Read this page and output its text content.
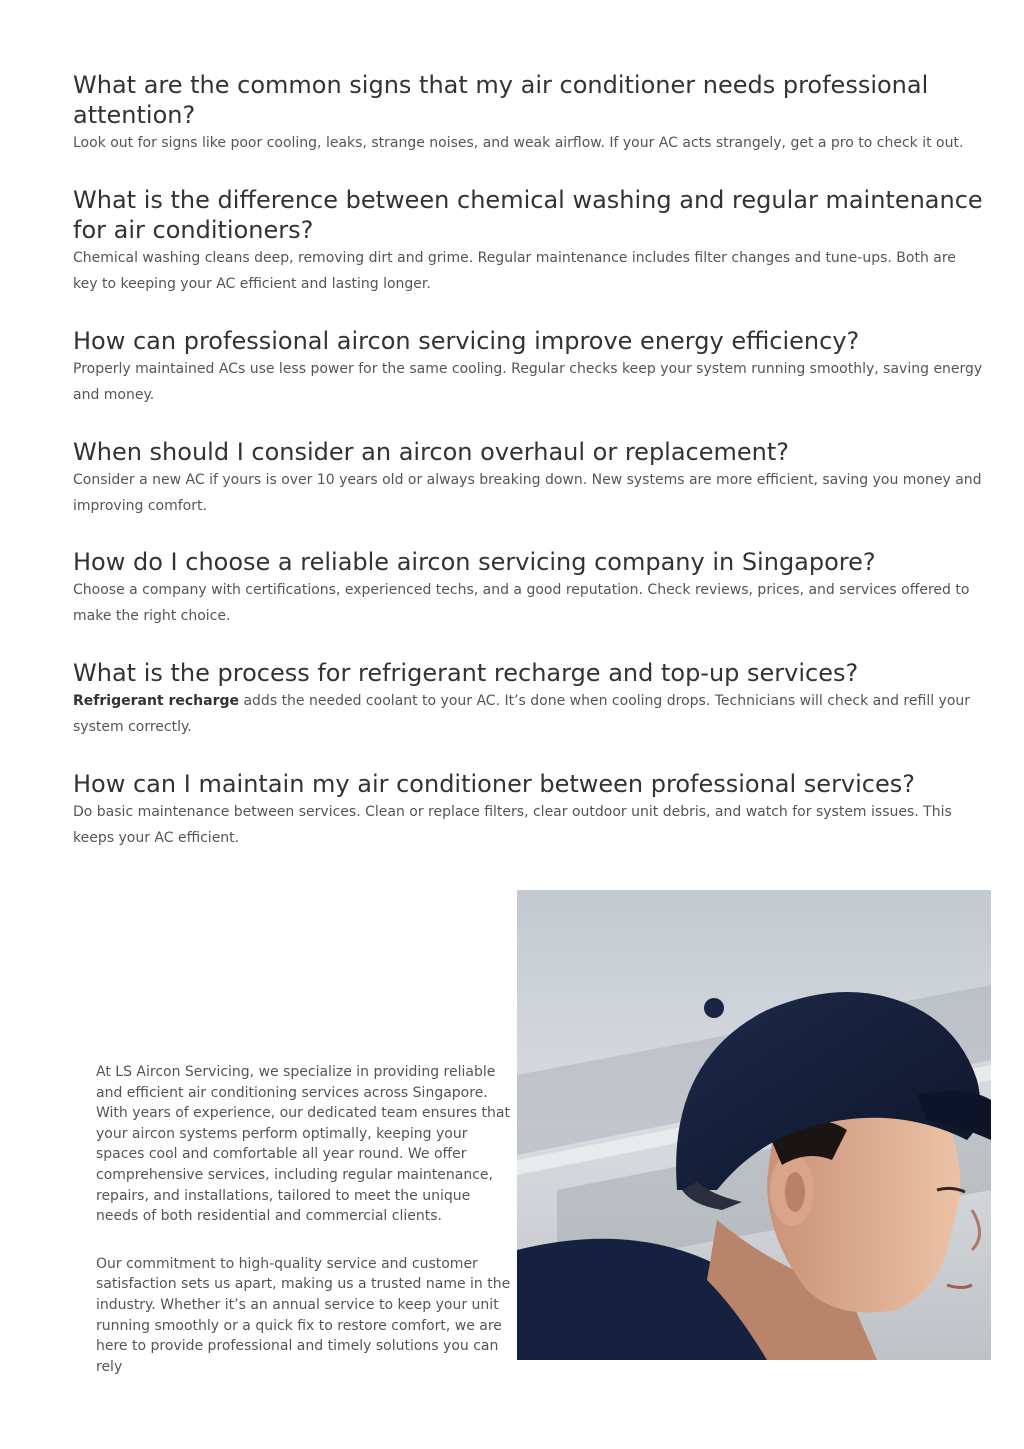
What are the common signs that my air conditioner needs professional attention?

Look out for signs like poor cooling, leaks, strange noises, and weak airflow. If your AC acts strangely, get a pro to check it out.

What is the difference between chemical washing and regular maintenance for air conditioners?

Chemical washing cleans deep, removing dirt and grime. Regular maintenance includes filter changes and tune-ups. Both are key to keeping your AC efficient and lasting longer.

How can professional aircon servicing improve energy efficiency?

Properly maintained ACs use less power for the same cooling. Regular checks keep your system running smoothly, saving energy and money.

When should I consider an aircon overhaul or replacement?

Consider a new AC if yours is over 10 years old or always breaking down. New systems are more efficient, saving you money and improving comfort.

How do I choose a reliable aircon servicing company in Singapore?

Choose a company with certifications, experienced techs, and a good reputation. Check reviews, prices, and services offered to make the right choice.

What is the process for refrigerant recharge and top-up services?

Refrigerant recharge adds the needed coolant to your AC. It’s done when cooling drops. Technicians will check and refill your system correctly.

How can I maintain my air conditioner between professional services?

Do basic maintenance between services. Clean or replace filters, clear outdoor unit debris, and watch for system issues. This keeps your AC efficient.

At LS Aircon Servicing, we specialize in providing reliable and efficient air conditioning services across Singapore. With years of experience, our dedicated team ensures that your aircon systems perform optimally, keeping your spaces cool and comfortable all year round. We offer comprehensive services, including regular maintenance, repairs, and installations, tailored to meet the unique needs of both residential and commercial clients.

Our commitment to high-quality service and customer satisfaction sets us apart, making us a trusted name in the industry. Whether it’s an annual service to keep your unit running smoothly or a quick fix to restore comfort, we are here to provide professional and timely solutions you can rely
